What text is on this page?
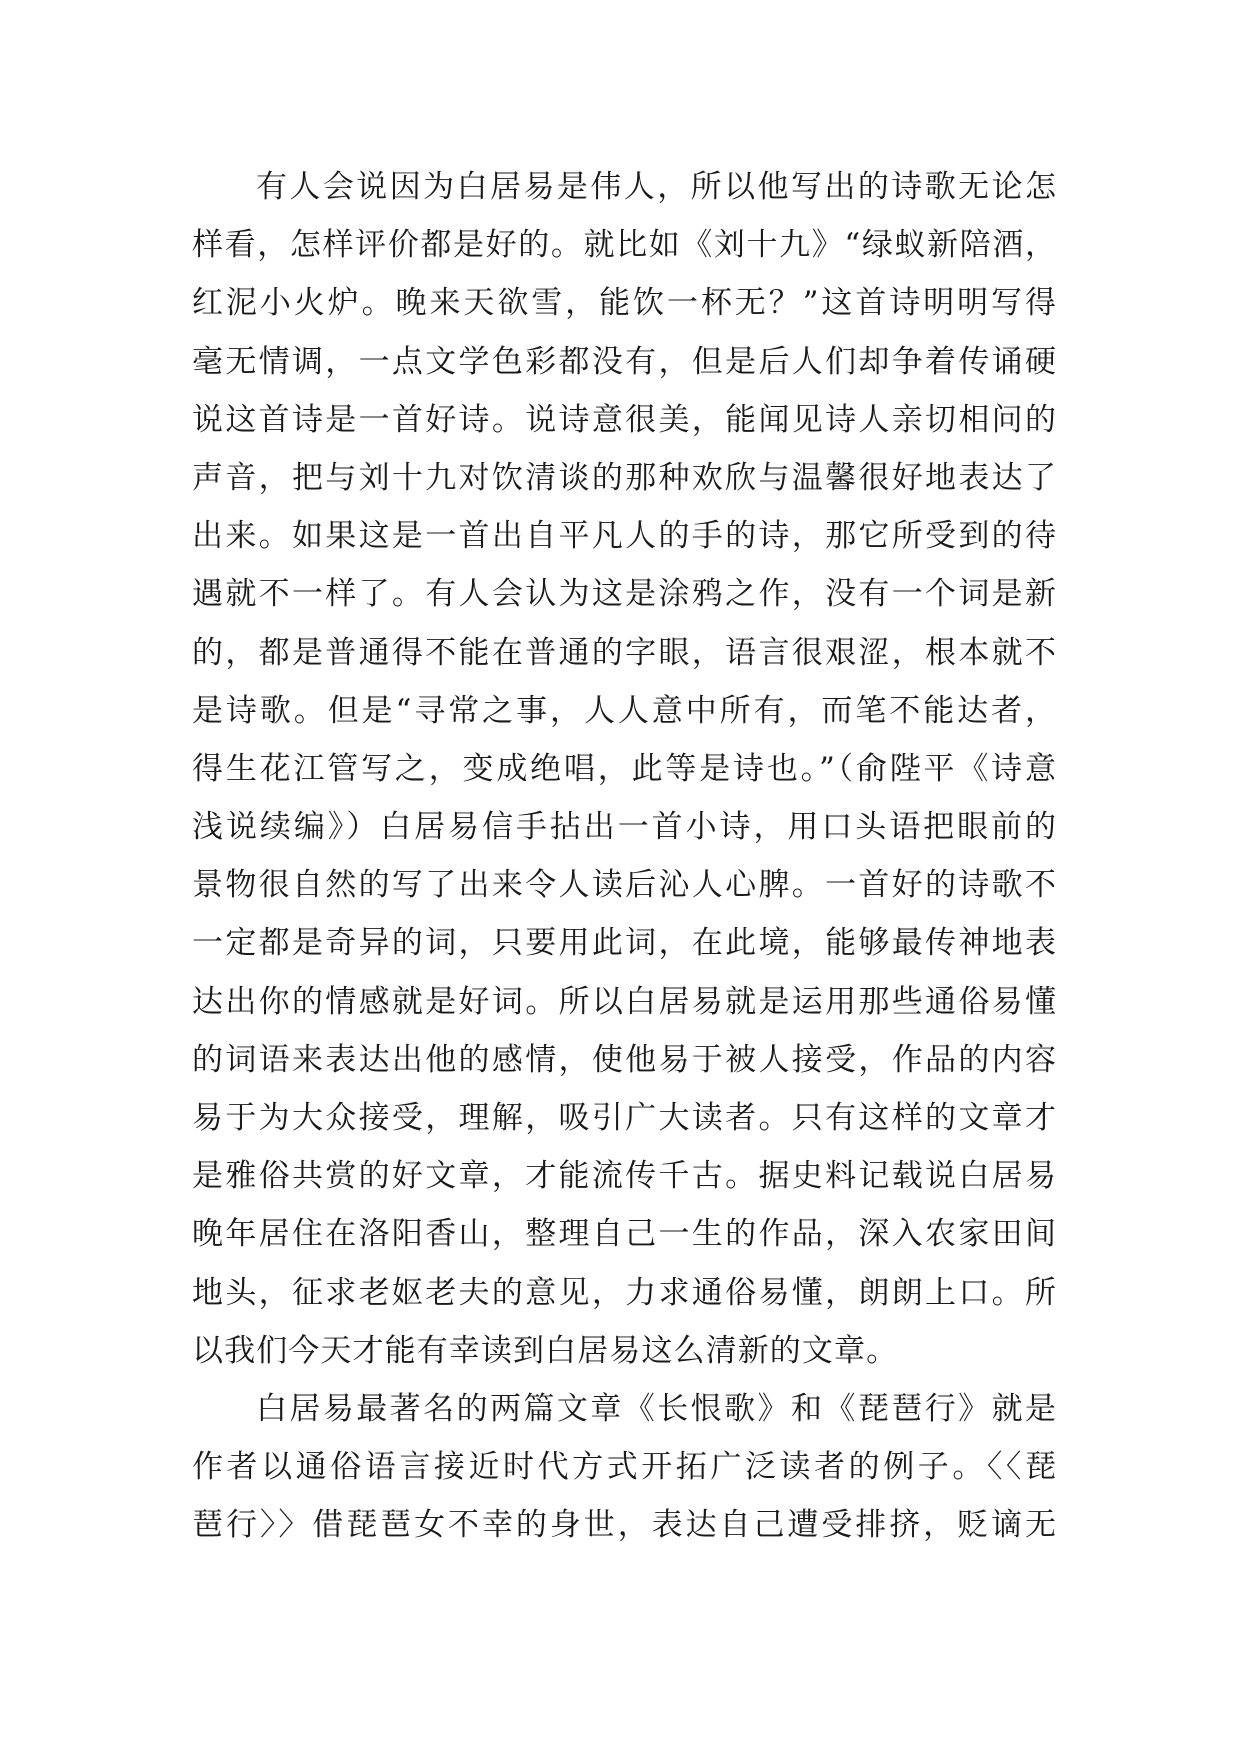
有人会说因为白居易是伟人，所以他写出的诗歌无论怎
样看，怎样评价都是好的。就比如《刘十九》“绿蚁新陪酒，
红泥小火炉。晚来天欲雪，能饮一杯无？”这首诗明明写得
毫无情调，一点文学色彩都没有，但是后人们却争着传诵硬
说这首诗是一首好诗。说诗意很美，能闻见诗人亲切相问的
声音，把与刘十九对饮清谈的那种欢欣与温馨很好地表达了
出来。如果这是一首出自平凡人的手的诗，那它所受到的待
遇就不一样了。有人会认为这是涂鸦之作，没有一个词是新
的，都是普通得不能在普通的字眼，语言很艰涩，根本就不
是诗歌。但是“寻常之事，人人意中所有，而笔不能达者，
得生花江管写之，变成绝唱，此等是诗也。”（俞陛平《诗意
浅说续编》）白居易信手拈出一首小诗，用口头语把眼前的
景物很自然的写了出来令人读后沁人心脾。一首好的诗歌不
一定都是奇异的词，只要用此词，在此境，能够最传神地表
达出你的情感就是好词。所以白居易就是运用那些通俗易懂
的词语来表达出他的感情，使他易于被人接受，作品的内容
易于为大众接受，理解，吸引广大读者。只有这样的文章才
是雅俗共赏的好文章，才能流传千古。据史料记载说白居易
晚年居住在洛阳香山，整理自己一生的作品，深入农家田间
地头，征求老妪老夫的意见，力求通俗易懂，朗朗上口。所
以我们今天才能有幸读到白居易这么清新的文章。

白居易最著名的两篇文章《长恨歌》和《琵琶行》就是
作者以通俗语言接近时代方式开拓广泛读者的例子。〈〈琵
琶行〉〉借琵琶女不幸的身世，表达自己遭受排挤，贬谪无
